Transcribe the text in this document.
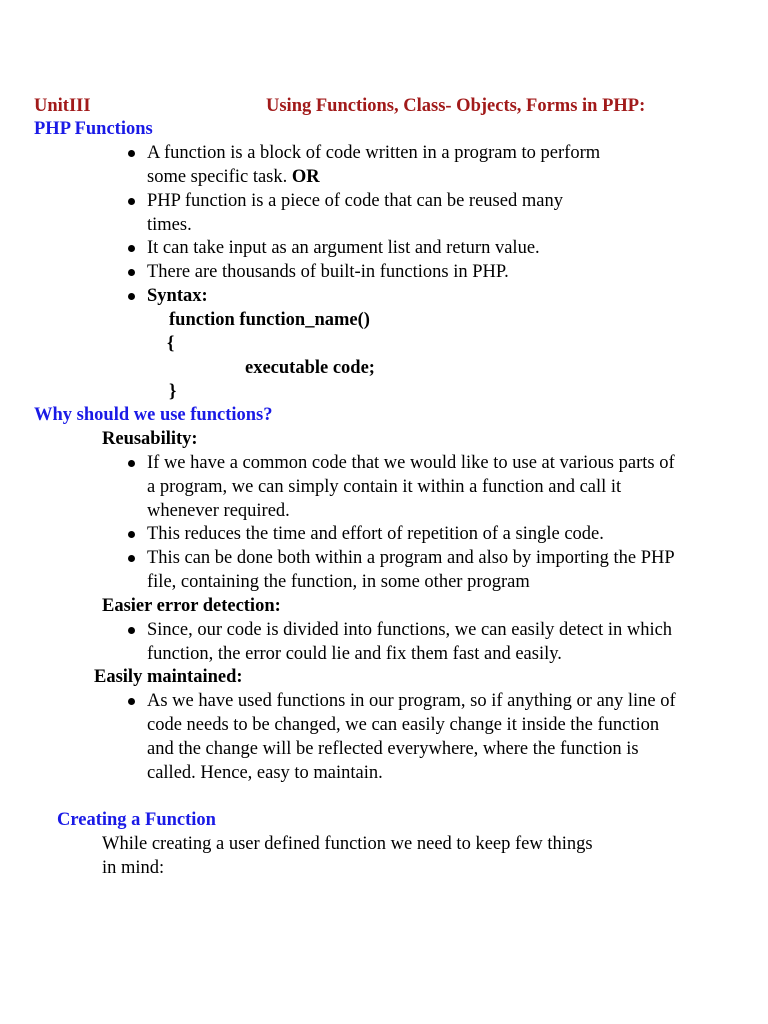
UnitIII	Using Functions, Class- Objects, Forms in PHP:
PHP Functions
A function is a block of code written in a program to perform
some specific task. OR
PHP function is a piece of code that can be reused many
times.
It can take input as an argument list and return value.
There are thousands of built-in functions in PHP.
Syntax:
function function_name()
{
executable code;
}
Why should we use functions?
Reusability:
If we have a common code that we would like to use at various parts of
a program, we can simply contain it within a function and call it
whenever required.
This reduces the time and effort of repetition of a single code.
This can be done both within a program and also by importing the PHP
file, containing the function, in some other program
Easier error detection:
Since, our code is divided into functions, we can easily detect in which
function, the error could lie and fix them fast and easily.
Easily maintained:
As we have used functions in our program, so if anything or any line of
code needs to be changed, we can easily change it inside the function
and the change will be reflected everywhere, where the function is
called. Hence, easy to maintain.
Creating a Function
While creating a user defined function we need to keep few things
in mind:
